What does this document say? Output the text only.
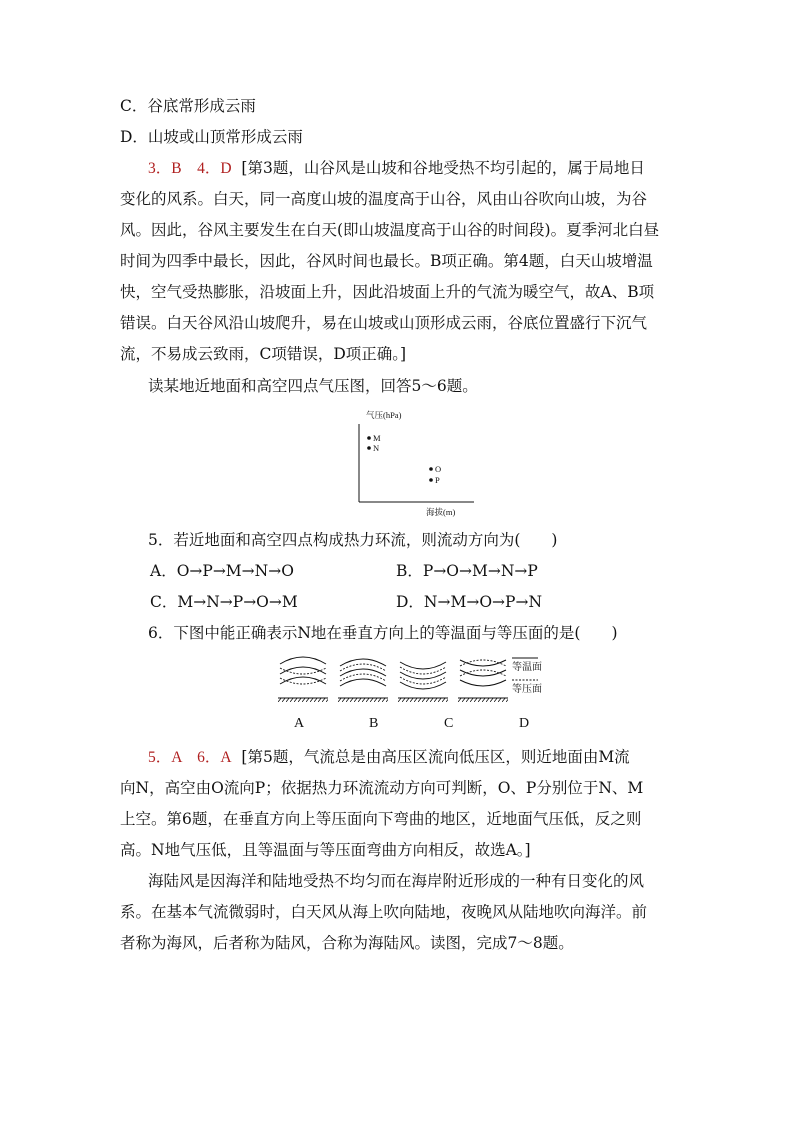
C．谷底常形成云雨
D．山坡或山顶常形成云雨
3．B　4．D [第3题，山谷风是山坡和谷地受热不均引起的，属于局地日
变化的风系。白天，同一高度山坡的温度高于山谷，风由山谷吹向山坡，为谷
风。因此，谷风主要发生在白天(即山坡温度高于山谷的时间段)。夏季河北白昼
时间为四季中最长，因此，谷风时间也最长。B项正确。第4题，白天山坡增温
快，空气受热膨胀，沿坡面上升，因此沿坡面上升的气流为暖空气，故A、B项
错误。白天谷风沿山坡爬升，易在山坡或山顶形成云雨，谷底位置盛行下沉气
流，不易成云致雨，C项错误，D项正确。]
读某地近地面和高空四点气压图，回答5～6题。
气压(hPa)
M
N
O
P
海拔(m)
5．若近地面和高空四点构成热力环流，则流动方向为(　　)
A．O→P→M→N→O	B．P→O→M→N→P
C．M→N→P→O→M	D．N→M→O→P→N
6．下图中能正确表示N地在垂直方向上的等温面与等压面的是(　　)
等温面
等压面
A	B	C	D
5．A　6．A [第5题，气流总是由高压区流向低压区，则近地面由M流
向N，高空由O流向P；依据热力环流流动方向可判断，O、P分别位于N、M
上空。第6题，在垂直方向上等压面向下弯曲的地区，近地面气压低，反之则
高。N地气压低，且等温面与等压面弯曲方向相反，故选A。]
海陆风是因海洋和陆地受热不均匀而在海岸附近形成的一种有日变化的风
系。在基本气流微弱时，白天风从海上吹向陆地，夜晚风从陆地吹向海洋。前
者称为海风，后者称为陆风，合称为海陆风。读图，完成7～8题。
